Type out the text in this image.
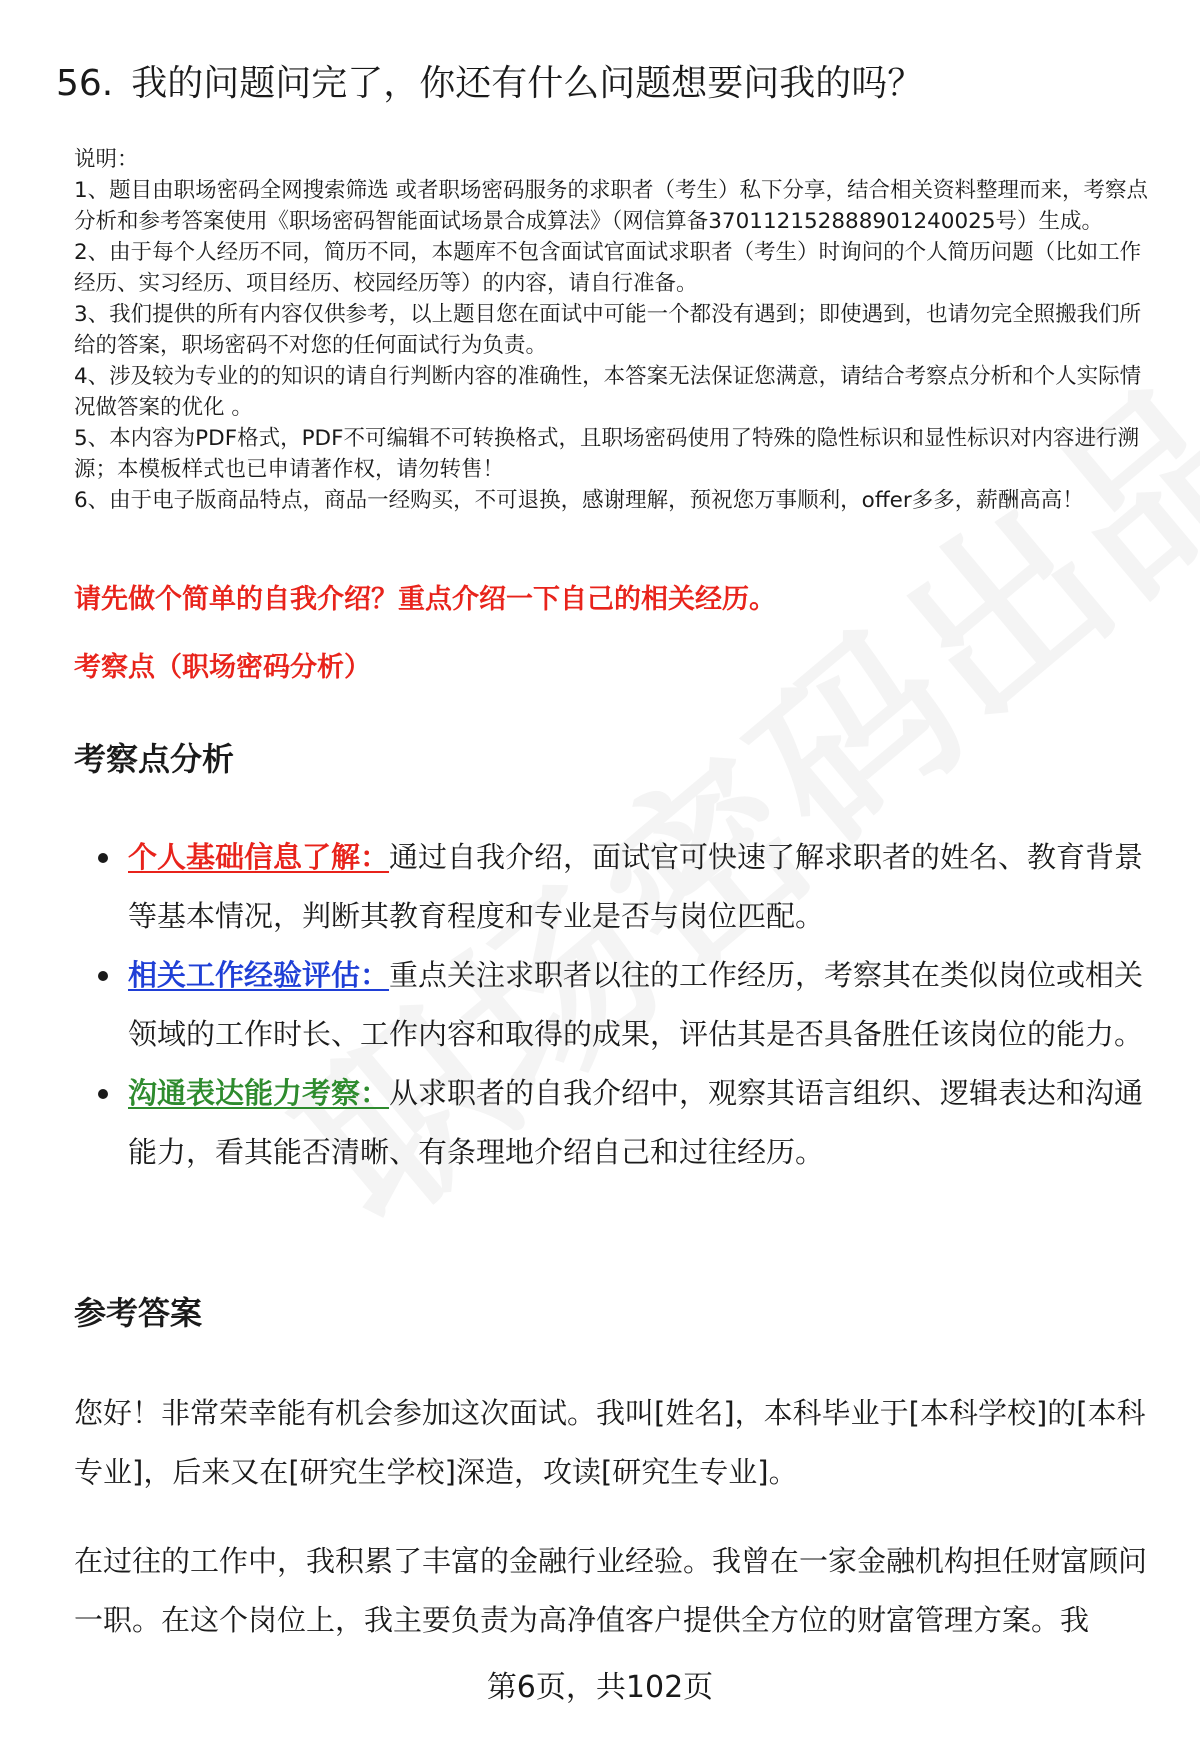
56. 我的问题问完了，你还有什么问题想要问我的吗？

说明：

1、题目由职场密码全网搜索筛选 或者职场密码服务的求职者（考生）私下分享，结合相关资料整理而来，考察点分析和参考答案使用《职场密码智能面试场景合成算法》（网信算备370112152888901240025号）生成。

2、由于每个人经历不同，简历不同，本题库不包含面试官面试求职者（考生）时询问的个人简历问题（比如工作经历、实习经历、项目经历、校园经历等）的内容，请自行准备。

3、我们提供的所有内容仅供参考，以上题目您在面试中可能一个都没有遇到；即使遇到，也请勿完全照搬我们所给的答案，职场密码不对您的任何面试行为负责。

4、涉及较为专业的的知识的请自行判断内容的准确性，本答案无法保证您满意，请结合考察点分析和个人实际情况做答案的优化 。

5、本内容为PDF格式，PDF不可编辑不可转换格式，且职场密码使用了特殊的隐性标识和显性标识对内容进行溯源；本模板样式也已申请著作权，请勿转售！

6、由于电子版商品特点，商品一经购买，不可退换，感谢理解，预祝您万事顺利，offer多多，薪酬高高！

请先做个简单的自我介绍？重点介绍一下自己的相关经历。

考察点（职场密码分析）

考察点分析
个人基础信息了解：通过自我介绍，面试官可快速了解求职者的姓名、教育背景等基本情况，判断其教育程度和专业是否与岗位匹配。
相关工作经验评估：重点关注求职者以往的工作经历，考察其在类似岗位或相关领域的工作时长、工作内容和取得的成果，评估其是否具备胜任该岗位的能力。
沟通表达能力考察：从求职者的自我介绍中，观察其语言组织、逻辑表达和沟通能力，看其能否清晰、有条理地介绍自己和过往经历。
参考答案

您好！非常荣幸能有机会参加这次面试。我叫[姓名]，本科毕业于[本科学校]的[本科专业]，后来又在[研究生学校]深造，攻读[研究生专业]。

在过往的工作中，我积累了丰富的金融行业经验。我曾在一家金融机构担任财富顾问一职。在这个岗位上，我主要负责为高净值客户提供全方位的财富管理方案。我

第6页，共102页
